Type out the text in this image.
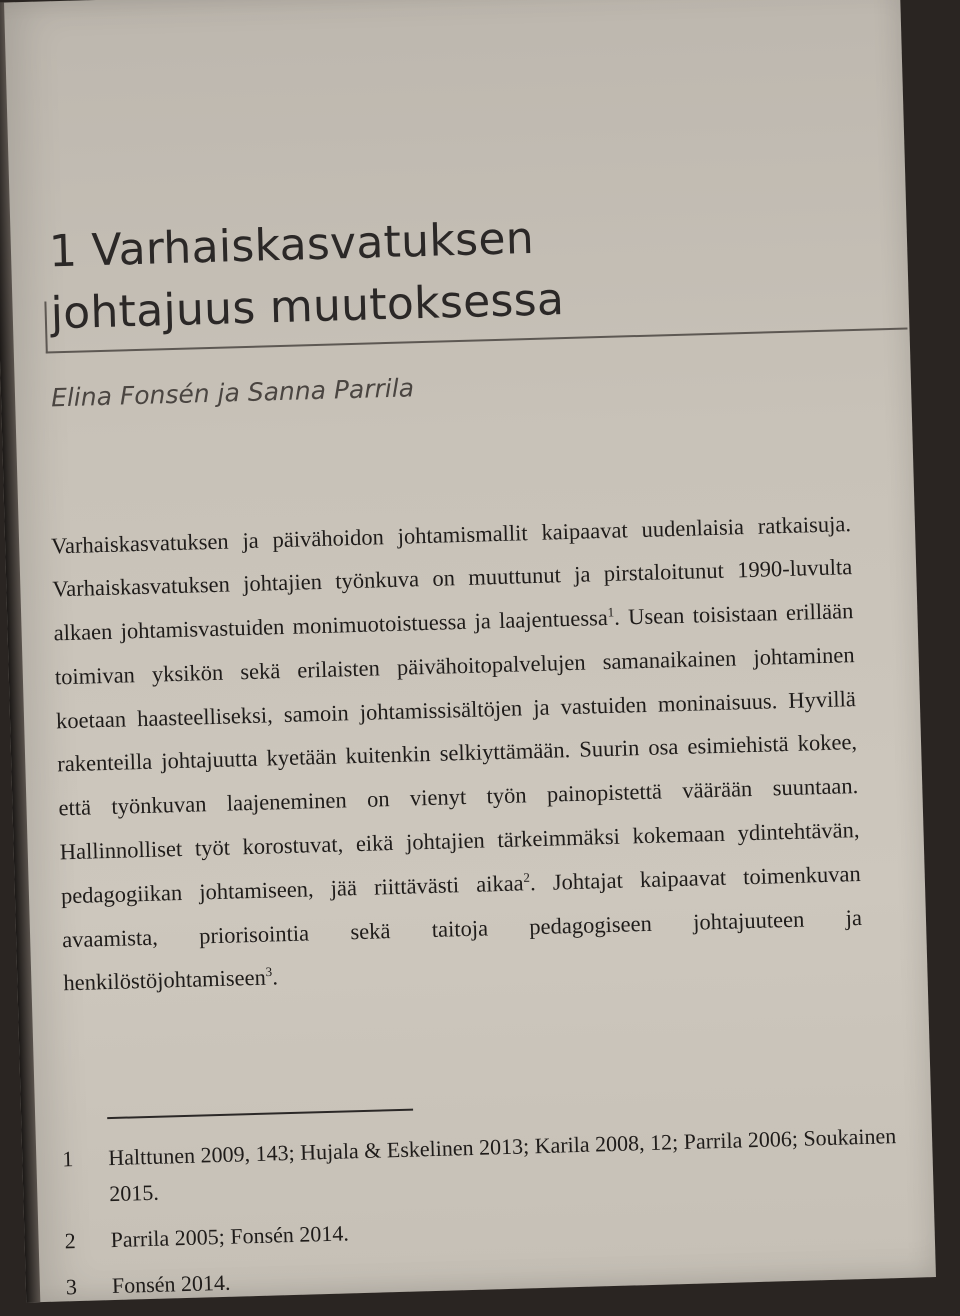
1 Varhaiskasvatuksen
johtajuus muutoksessa
Elina Fonsén ja Sanna Parrila

Varhaiskasvatuksen ja päivähoidon johtamismallit kaipaavat uudenlaisia ratkaisuja. Varhaiskasvatuksen johtajien työnkuva on muuttunut ja pirstaloitunut 1990-luvulta alkaen johtamisvastuiden monimuotoistuessa ja laajentuessa$^1$. Usean toisistaan erillään toimivan yksikön sekä erilaisten päivähoitopalvelujen samanaikainen johtaminen koetaan haasteelliseksi, samoin johtamissisältöjen ja vastuiden moninaisuus. Hyvillä rakenteilla johtajuutta kyetään kuitenkin selkiyttämään. Suurin osa esimiehistä kokee, että työnkuvan laajeneminen on vienyt työn painopistettä väärään suuntaan. Hallinnolliset työt korostuvat, eikä johtajien tärkeimmäksi kokemaan ydintehtävän, pedagogiikan johtamiseen, jää riittävästi aikaa$^2$. Johtajat kaipaavat toimenkuvan avaamista, priorisointia sekä taitoja pedagogiseen johtajuuteen ja henkilöstöjohtamiseen$^3$.

1	Halttunen 2009, 143; Hujala & Eskelinen 2013; Karila 2008, 12; Parrila 2006; Soukainen 2015.
2	Parrila 2005; Fonsén 2014.
3	Fonsén 2014.
